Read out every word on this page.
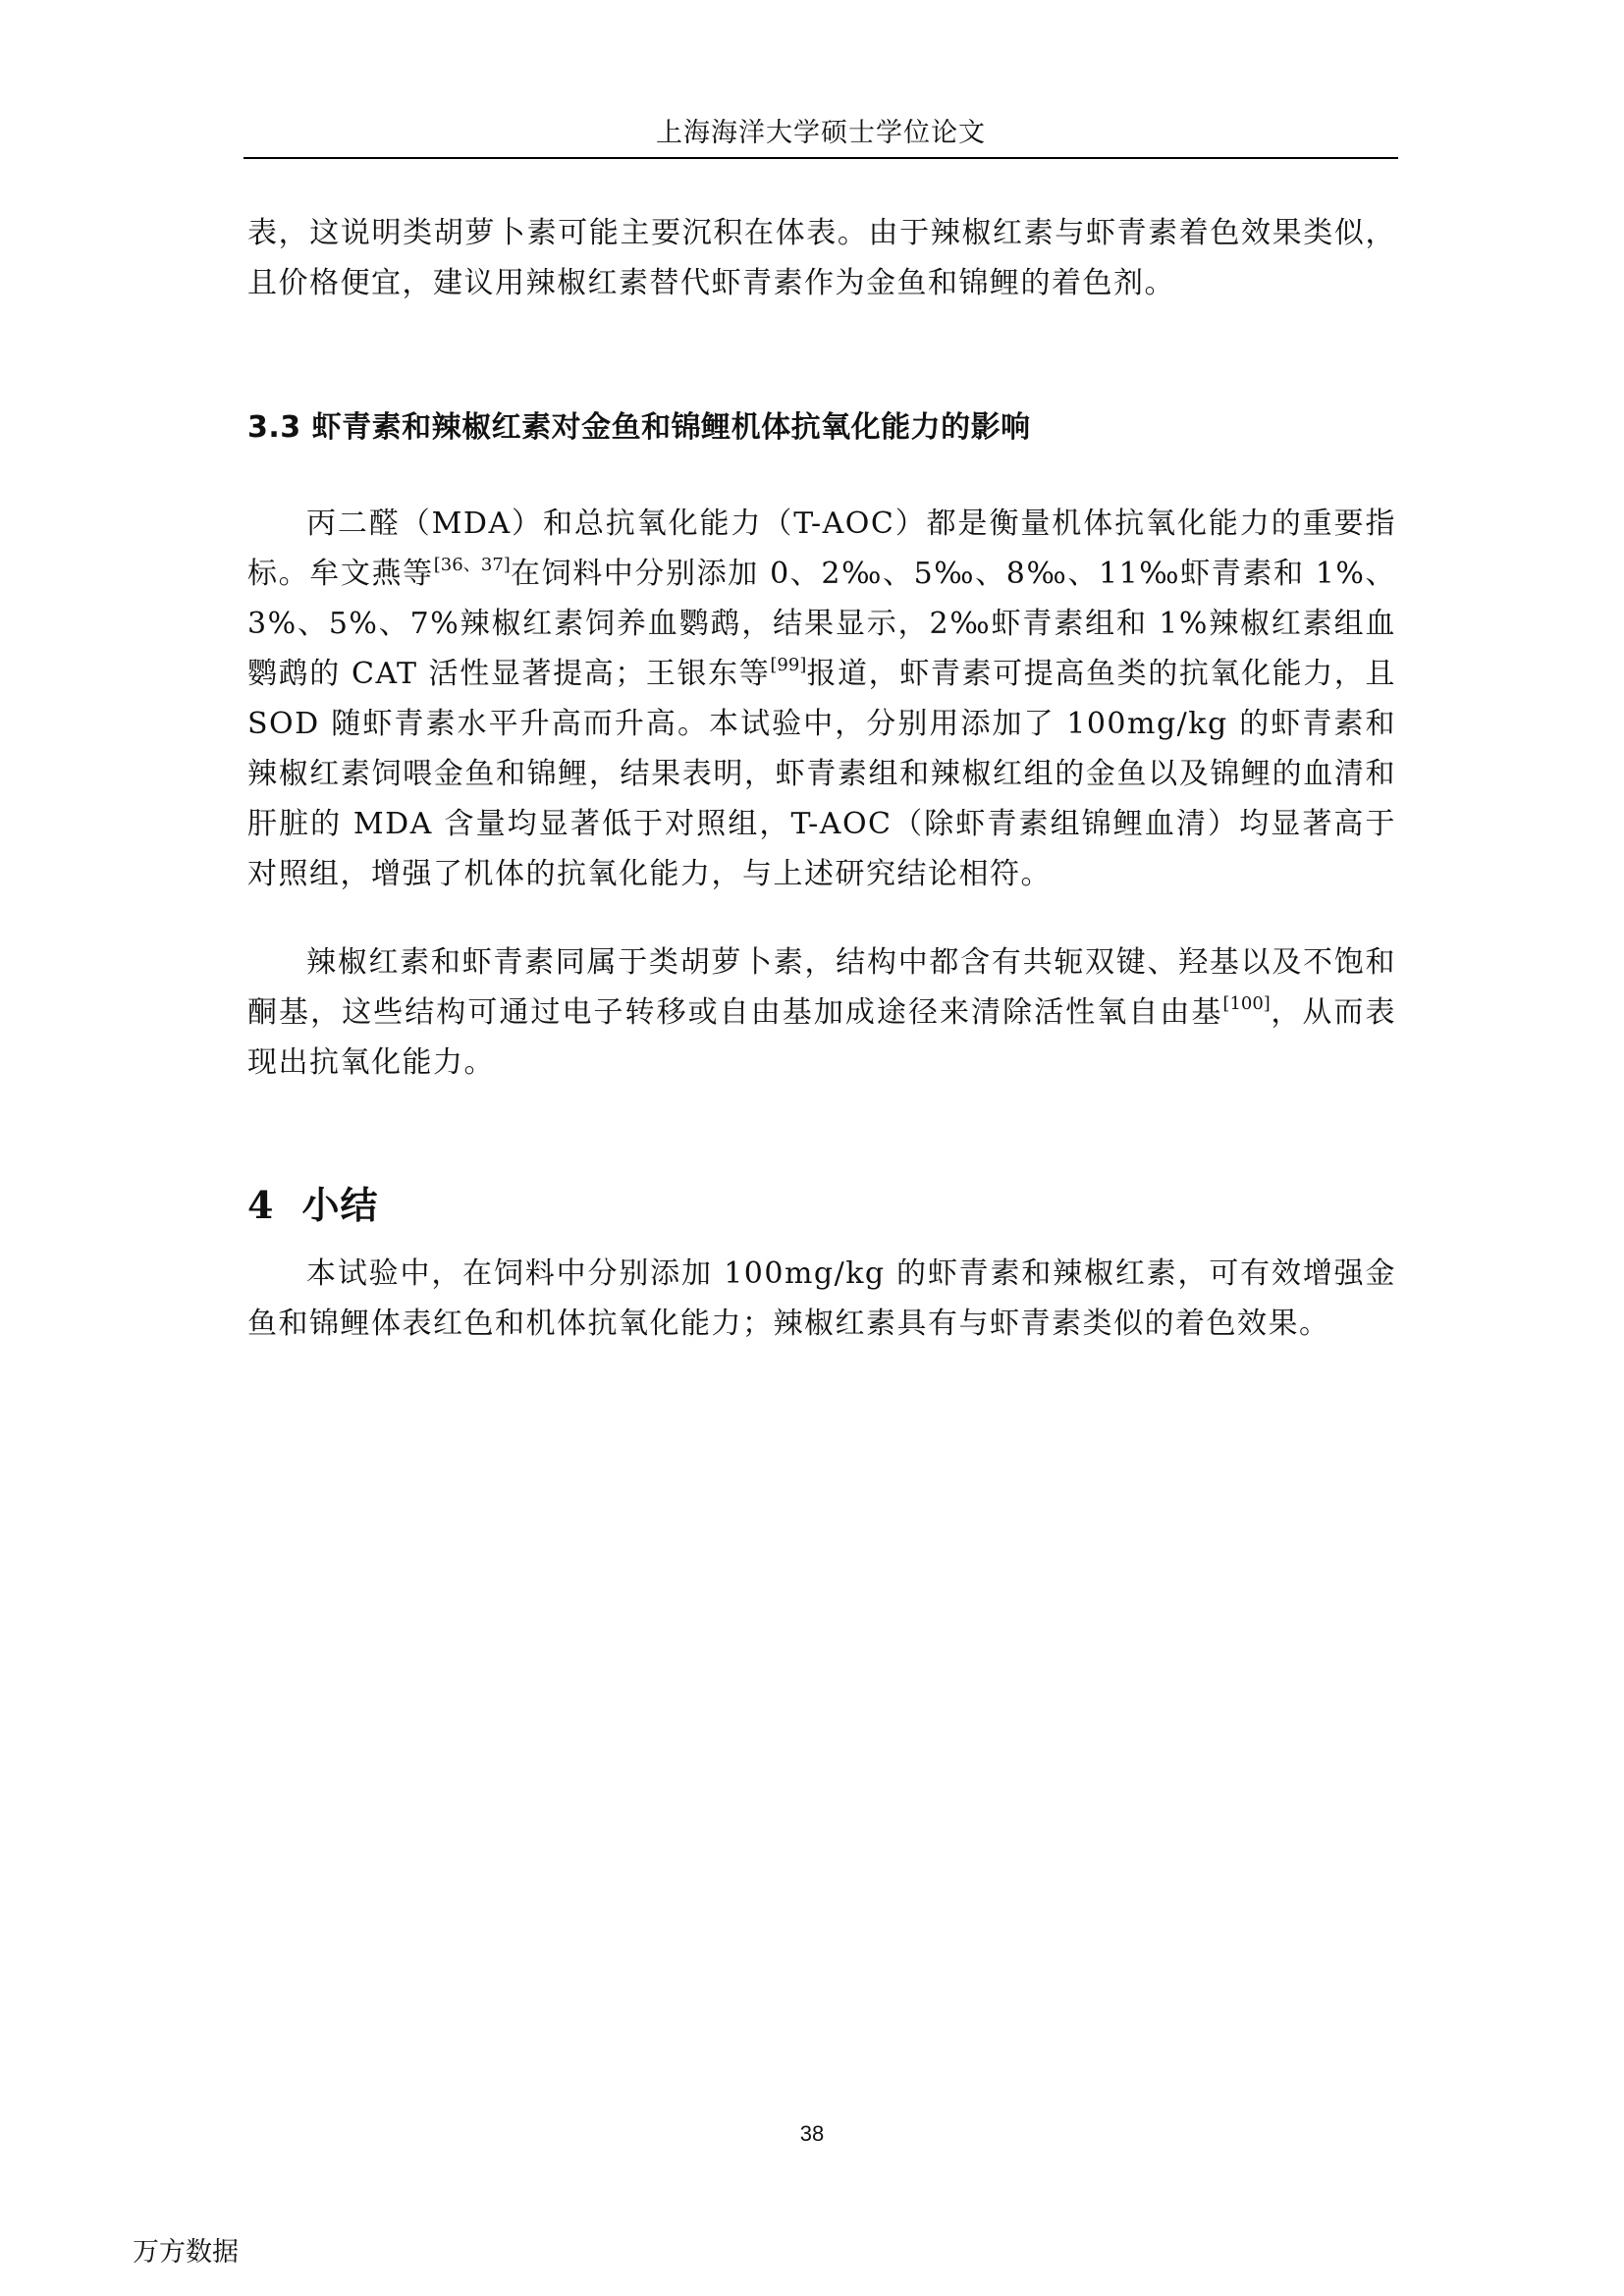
上海海洋大学硕士学位论文

表，这说明类胡萝卜素可能主要沉积在体表。由于辣椒红素与虾青素着色效果类似，且价格便宜，建议用辣椒红素替代虾青素作为金鱼和锦鲤的着色剂。

3.3 虾青素和辣椒红素对金鱼和锦鲤机体抗氧化能力的影响

丙二醛（MDA）和总抗氧化能力（T-AOC）都是衡量机体抗氧化能力的重要指标。牟文燕等[36、37]在饲料中分别添加 0、2‰、5‰、8‰、11‰虾青素和 1%、3%、5%、7%辣椒红素饲养血鹦鹉，结果显示，2‰虾青素组和 1%辣椒红素组血鹦鹉的 CAT 活性显著提高；王银东等[99]报道，虾青素可提高鱼类的抗氧化能力，且 SOD 随虾青素水平升高而升高。本试验中，分别用添加了 100mg/kg 的虾青素和辣椒红素饲喂金鱼和锦鲤，结果表明，虾青素组和辣椒红组的金鱼以及锦鲤的血清和肝脏的 MDA 含量均显著低于对照组，T-AOC（除虾青素组锦鲤血清）均显著高于对照组，增强了机体的抗氧化能力，与上述研究结论相符。

辣椒红素和虾青素同属于类胡萝卜素，结构中都含有共轭双键、羟基以及不饱和酮基，这些结构可通过电子转移或自由基加成途径来清除活性氧自由基[100]，从而表现出抗氧化能力。

4 小结

本试验中，在饲料中分别添加 100mg/kg 的虾青素和辣椒红素，可有效增强金鱼和锦鲤体表红色和机体抗氧化能力；辣椒红素具有与虾青素类似的着色效果。

38
万方数据
